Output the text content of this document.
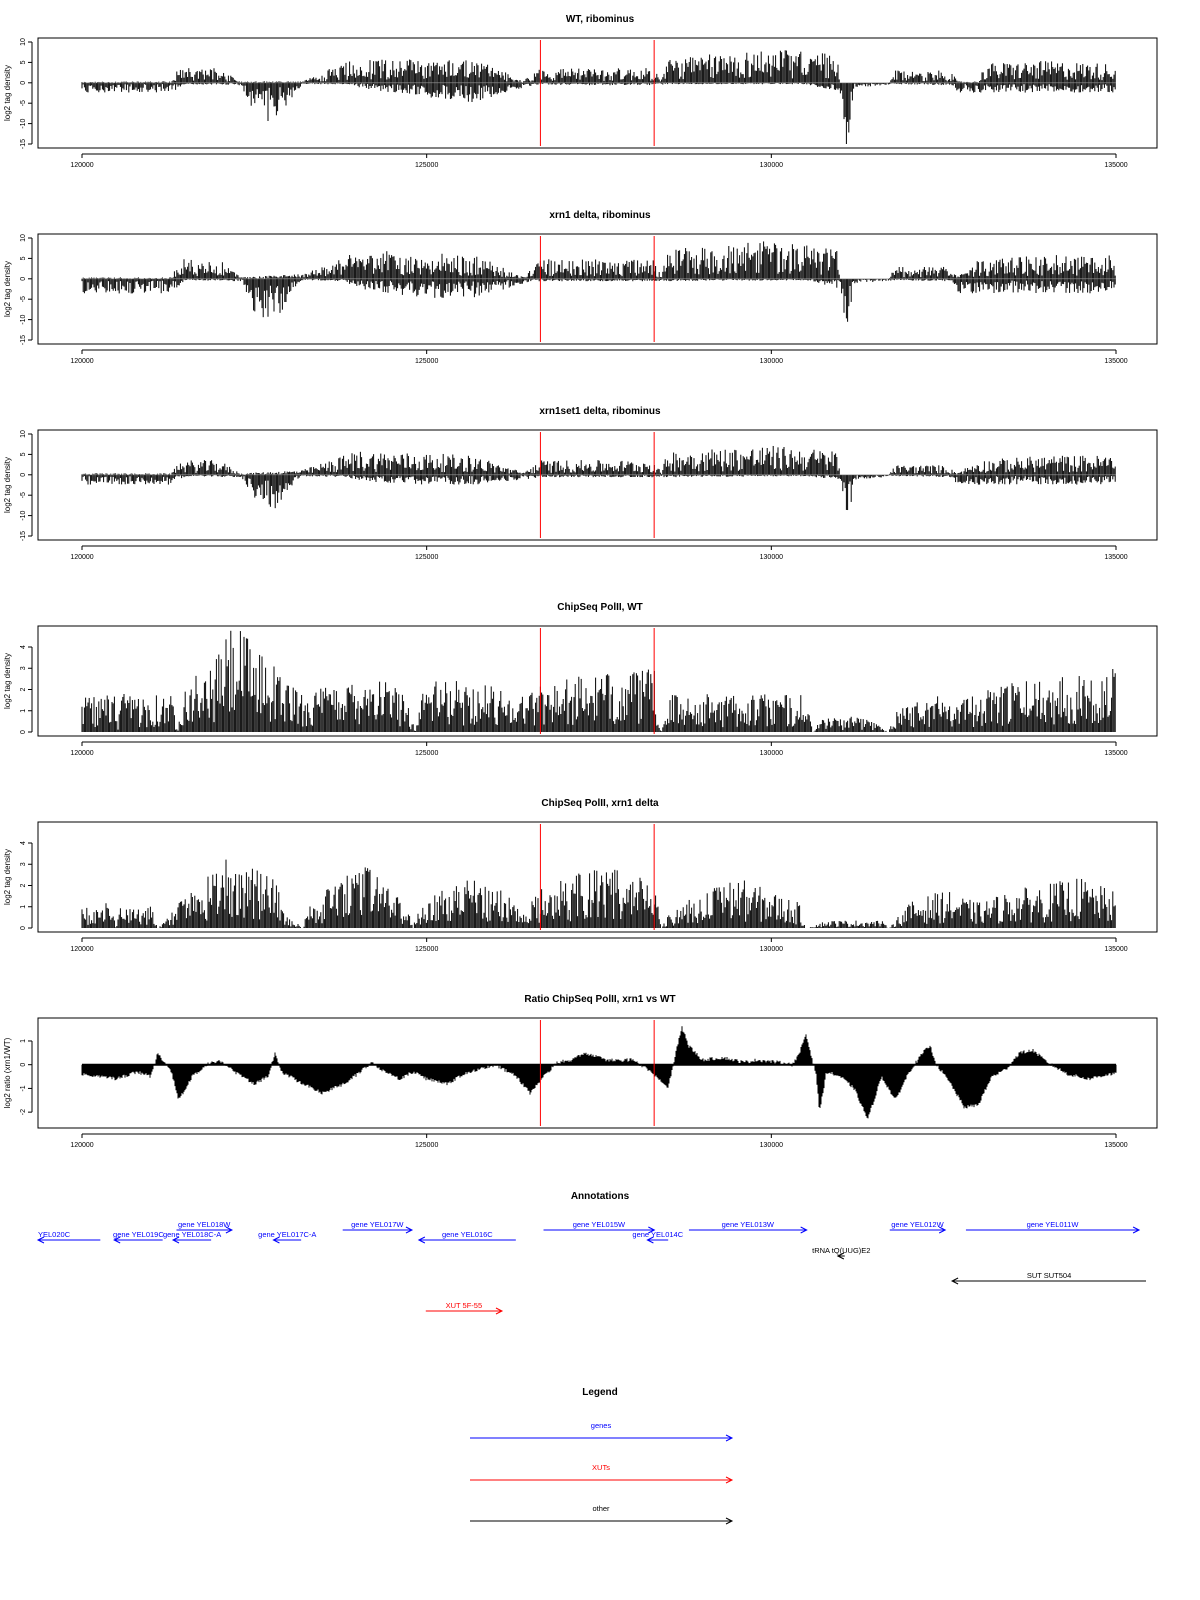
WT, ribominus
log2 tag density
10
5
0
-5
-10
-15
120000	125000	130000	135000
xrn1 delta, ribominus
log2 tag density
10
5
0
-5
-10
-15
120000	125000	130000	135000
xrn1set1 delta, ribominus
log2 tag density
10
5
0
-5
-10
-15
120000	125000	130000	135000
ChipSeq PolII, WT
log2 tag density
4
3
2
1
0
120000	125000	130000	135000
ChipSeq PolII, xrn1 delta
log2 tag density
4
3
2
1
0
120000	125000	130000	135000
Ratio ChipSeq PolII, xrn1 vs WT
log2 ratio (xrn1/WT) 1
0
-1
-2
120000	125000	130000	135000
Annotations
YEL020C	gene YEL019C gene YEL018C-A
gene YEL018W
gene YEL017C-A
gene YEL017W
gene YEL016C
gene YEL015W
gene YEL014C
gene YEL013W
tRNA tQ(UUG)E2
gene YEL012W	gene YEL011W
SUT SUT504
XUT 5F-55
Legend
genes
XUTs
other
